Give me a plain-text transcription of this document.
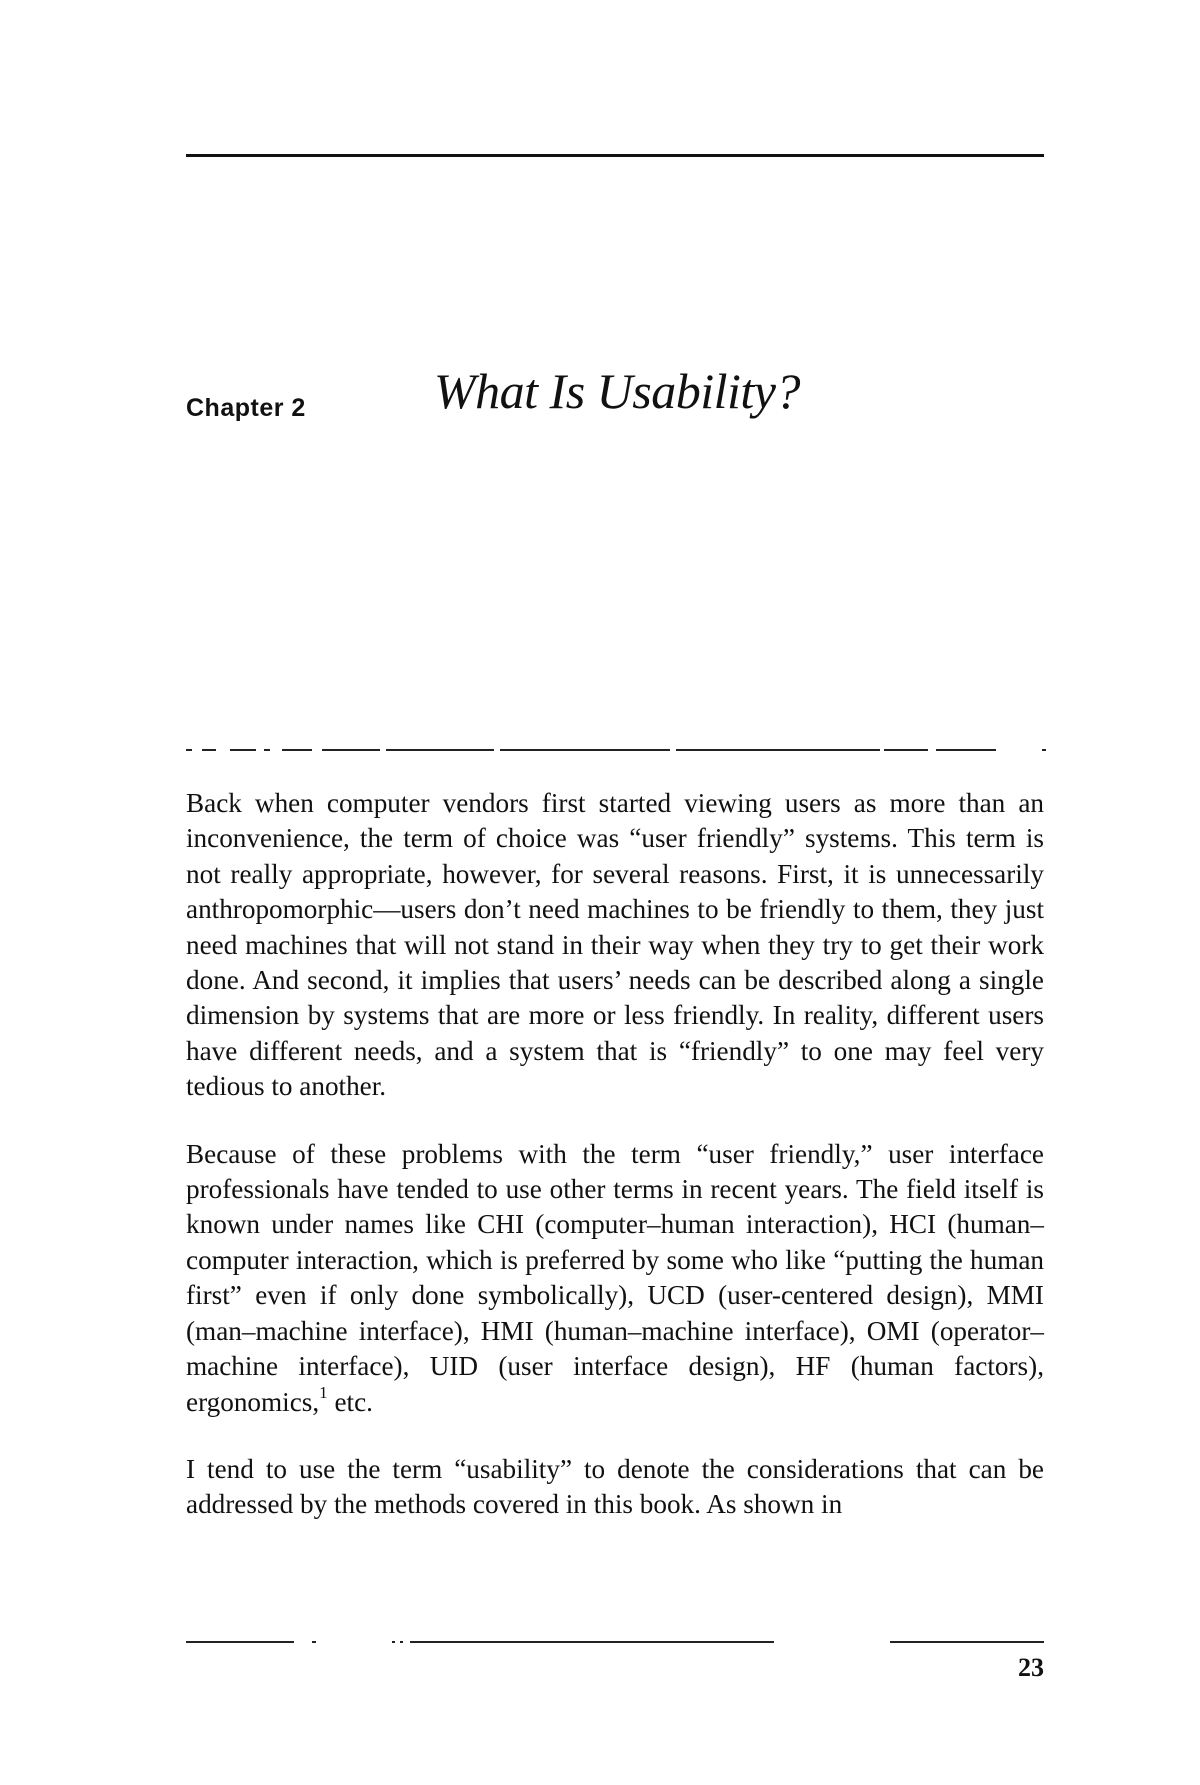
Chapter 2	What Is Usability?

Back when computer vendors first started viewing users as more than an inconvenience, the term of choice was “user friendly” systems. This term is not really appropriate, however, for several reasons. First, it is unnecessarily anthropomorphic—users don’t need machines to be friendly to them, they just need machines that will not stand in their way when they try to get their work done. And second, it implies that users’ needs can be described along a single dimension by systems that are more or less friendly. In reality, different users have different needs, and a system that is “friendly” to one may feel very tedious to another.

Because of these problems with the term “user friendly,” user interface professionals have tended to use other terms in recent years. The field itself is known under names like CHI (computer–human interaction), HCI (human–computer interaction, which is preferred by some who like “putting the human first” even if only done symbolically), UCD (user-centered design), MMI (man–machine interface), HMI (human–machine interface), OMI (operator–machine interface), UID (user interface design), HF (human factors), ergonomics,$^1$ etc.

I tend to use the term “usability” to denote the considerations that can be addressed by the methods covered in this book. As shown in

23
